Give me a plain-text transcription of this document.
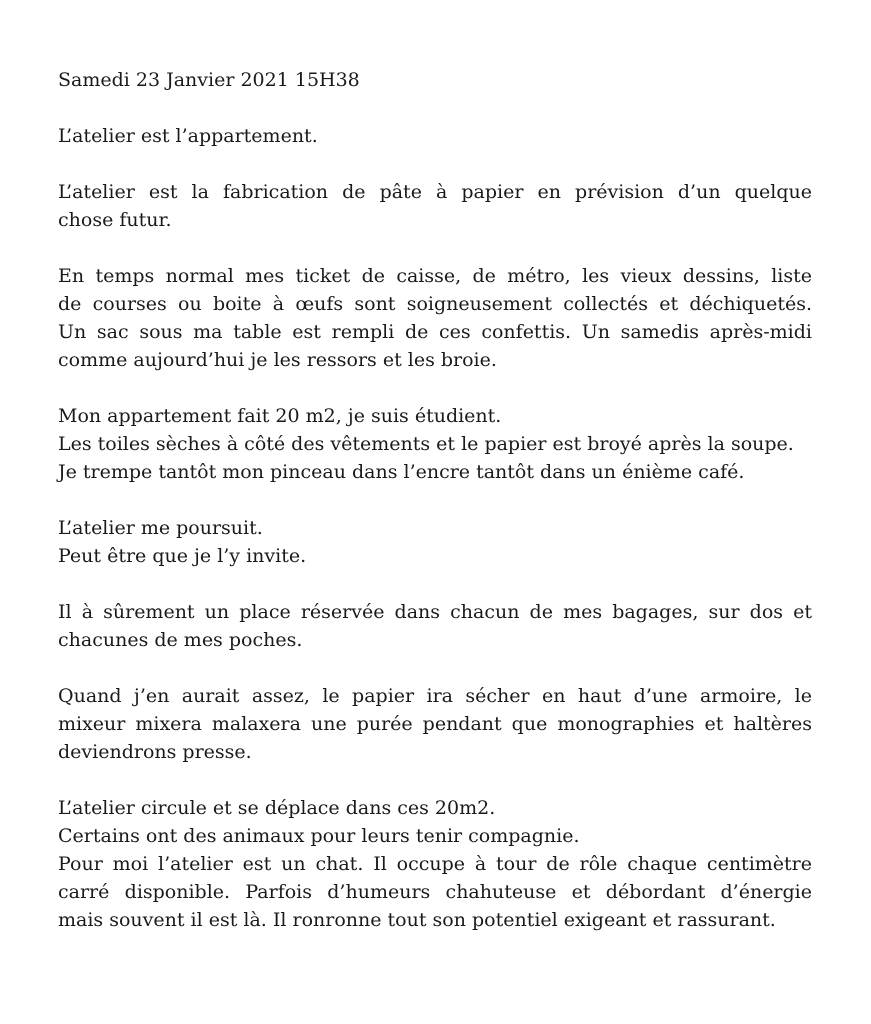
Samedi 23 Janvier 2021 15H38

L’atelier est l’appartement.

L’atelier est la fabrication de pâte à papier en prévision d’un quelque
chose futur.

En temps normal mes ticket de caisse, de métro, les vieux dessins, liste
de courses ou boite à œufs sont soigneusement collectés et déchiquetés.
Un sac sous ma table est rempli de ces confettis. Un samedis après-midi
comme aujourd’hui je les ressors et les broie.

Mon appartement fait 20 m2, je suis étudient.
Les toiles sèches à côté des vêtements et le papier est broyé après la soupe.
Je trempe tantôt mon pinceau dans l’encre tantôt dans un énième café.

L’atelier me poursuit.
Peut être que je l’y invite.

Il à sûrement un place réservée dans chacun de mes bagages, sur dos et
chacunes de mes poches.

Quand j’en aurait assez, le papier ira sécher en haut d’une armoire, le
mixeur mixera malaxera une purée pendant que monographies et haltères
deviendrons presse.

L’atelier circule et se déplace dans ces 20m2.
Certains ont des animaux pour leurs tenir compagnie.
Pour moi l’atelier est un chat. Il occupe à tour de rôle chaque centimètre
carré disponible. Parfois d’humeurs chahuteuse et débordant d’énergie
mais souvent il est là. Il ronronne tout son potentiel exigeant et rassurant.
